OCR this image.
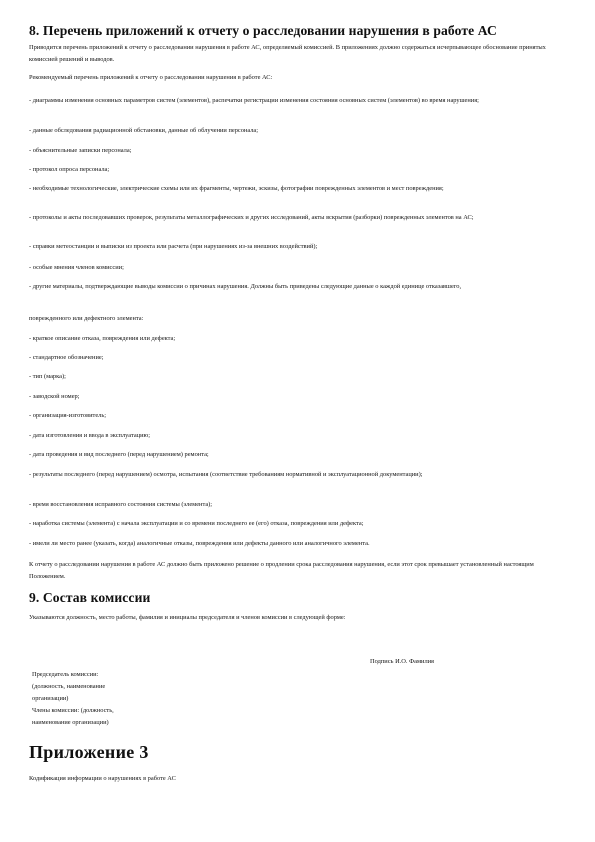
8. Перечень приложений к отчету о расследовании нарушения в работе АС

Приводится перечень приложений к отчету о расследовании нарушения в работе АС, определяемый комиссией. В приложениях должно содержаться исчерпывающее обоснование принятых комиссией решений и выводов.

Рекомендуемый перечень приложений к отчету о расследовании нарушения в работе АС:

- диаграммы изменения основных параметров систем (элементов), распечатки регистрации изменения состояния основных систем (элементов) во время нарушения;

- данные обследования радиационной обстановки, данные об облучении персонала;

- объяснительные записки персонала;

- протокол опроса персонала;

- необходимые технологические, электрические схемы или их фрагменты, чертежи, эскизы, фотографии поврежденных элементов и мест повреждения;

- протоколы и акты последовавших проверок, результаты металлографических и других исследований, акты вскрытия (разборки) поврежденных элементов на АС;

- справки метеостанции и выписки из проекта или расчета (при нарушениях из-за внешних воздействий);

- особые мнения членов комиссии;

- другие материалы, подтверждающие выводы комиссии о причинах нарушения. Должны быть приведены следующие данные о каждой единице отказавшего,

поврежденного или дефектного элемента:

- краткое описание отказа, повреждения или дефекта;

- стандартное обозначение;

- тип (марка);

- заводской номер;

- организация-изготовитель;

- дата изготовления и ввода в эксплуатацию;

- дата проведения и вид последнего (перед нарушением) ремонта;

- результаты последнего (перед нарушением) осмотра, испытания (соответствие требованиям нормативной и эксплуатационной документации);

- время восстановления исправного состояния системы (элемента);

- наработка системы (элемента) с начала эксплуатации и со времени последнего ее (его) отказа, повреждения или дефекта;

- имели ли место ранее (указать, когда) аналогичные отказы, повреждения или дефекты данного или аналогичного элемента.

К отчету о расследовании нарушения в работе АС должно быть приложено решение о продлении срока расследования нарушения, если этот срок превышает установленный настоящим Положением.

9. Состав комиссии

Указываются должность, место работы, фамилия и инициалы председателя и членов комиссии в следующей форме:

Подпись И.О. Фамилия
Председатель комиссии:
(должность, наименование
организации)
Члены комиссии: (должность,
наименование организации)
Приложение 3

Кодификация информации о нарушениях в работе АС
